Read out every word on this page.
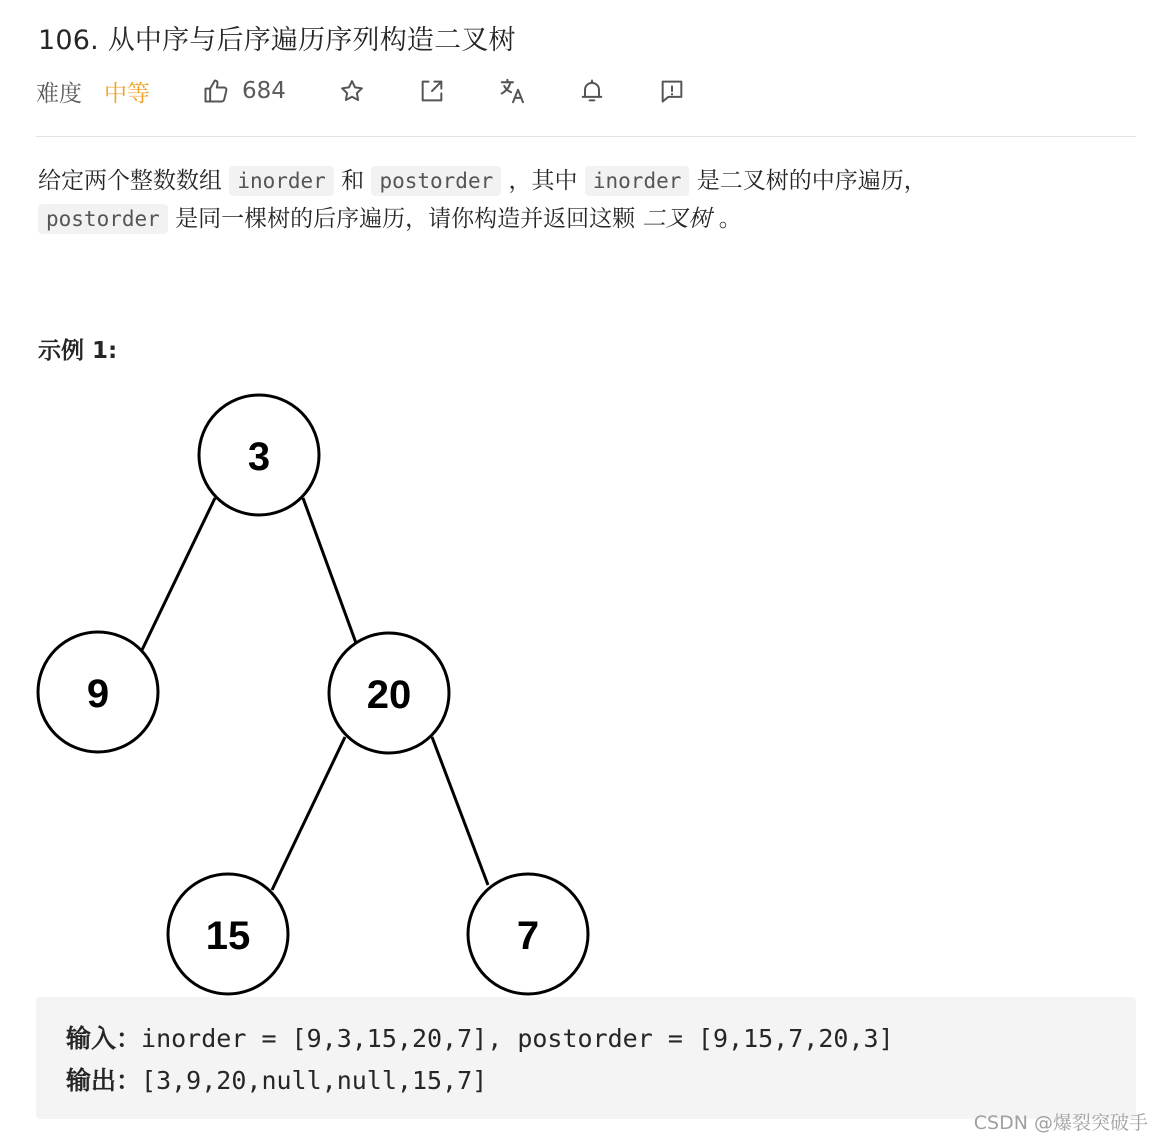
106. 从中序与后序遍历序列构造二叉树
难度 中等	684
给定两个整数数组 inorder 和 postorder ，其中 inorder 是二叉树的中序遍历，
postorder 是同一棵树的后序遍历，请你构造并返回这颗 二叉树 。
示例 1:
3
9	20
15	7
输入：inorder = [9,3,15,20,7], postorder = [9,15,7,20,3]
输出：[3,9,20,null,null,15,7]
CSDN @爆裂突破手
